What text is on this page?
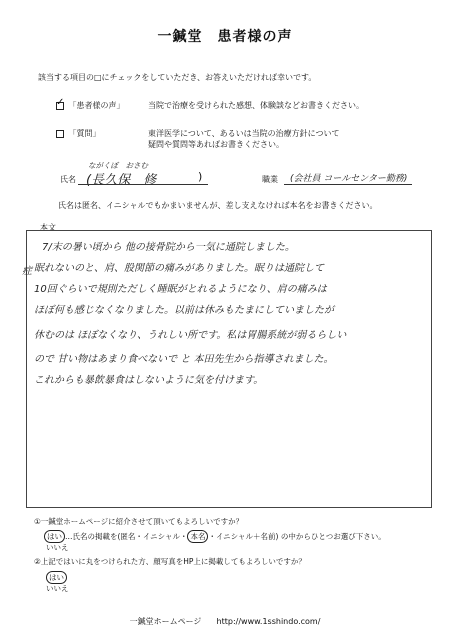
一鍼堂　患者様の声
該当する項目の□にチェックをしていただき、お答えいただければ幸いです。
✓ 「患者様の声」	当院で治療を受けられた感想、体験談などお書きください。
「質問」	東洋医学について、あるいは当院の治療方針について
疑問や質問等あればお書きください。
ながくぼ　おさむ
氏名 (長久保　修	)	職業 (会社員 コールセンター勤務)
氏名は匿名、イニシャルでもかまいませんが、差し支えなければ本名をお書きください。
本文
症
7/末の暑い頃から 他の接骨院から一気に通院しました。
眠れないのと、肩、股関節の痛みがありました。眠りは通院して
10回ぐらいで規則ただしく睡眠がとれるようになり、肩の痛みは
ほぼ何も感じなくなりました。以前は休みもたまにしていましたが
休むのは ほぼなくなり、うれしい所です。私は胃腸系統が弱るらしい
ので 甘い物はあまり食べないで と 本田先生から指導されました。
これからも暴飲暴食はしないように気を付けます。
①一鍼堂ホームページに紹介させて頂いてもよろしいですか？
はい …氏名の掲載を(匿名・イニシャル・ 本名 ・イニシャル＋名前) の中からひとつお選び下さい。
いいえ
②上記ではいに丸をつけられた方、顔写真をHP上に掲載してもよろしいですか？
はい
いいえ
一鍼堂ホームページ http://www.1sshindo.com/
